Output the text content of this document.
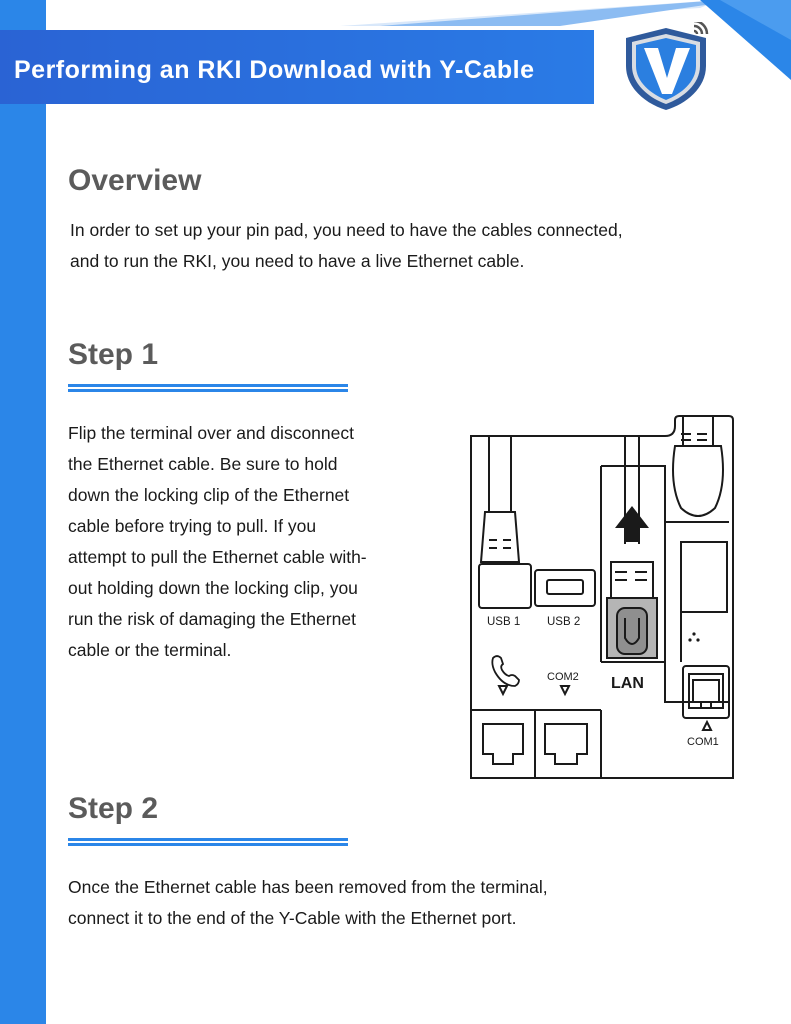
Performing an RKI Download with Y-Cable
Overview
In order to set up your pin pad, you need to have the cables connected,
and to run the RKI, you need to have a live Ethernet cable.
Step 1
Flip the terminal over and disconnect
the Ethernet cable. Be sure to hold
down the locking clip of the Ethernet
cable before trying to pull. If you
attempt to pull the Ethernet cable with-
out holding down the locking clip, you
run the risk of damaging the Ethernet
cable or the terminal.
USB 1 USB 2
LAN
COM2
COM1
Step 2
Once the Ethernet cable has been removed from the terminal,
connect it to the end of the Y-Cable with the Ethernet port.
